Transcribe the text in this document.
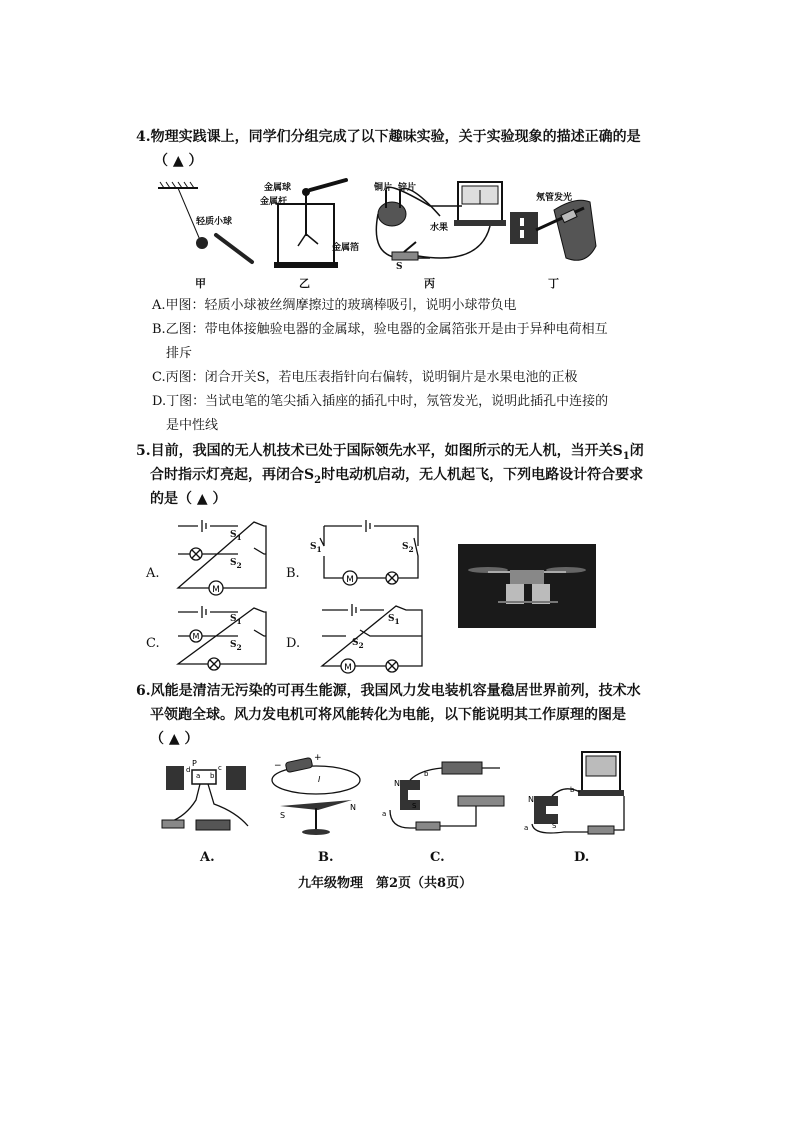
4.物理实践课上，同学们分组完成了以下趣味实验，关于实验现象的描述正确的是
（ ▲ ）
轻质小球
甲
金属球
金属杆
金属箔
乙
铜片 锌片
水果
S
丙
氖管发光
丁
A.甲图：轻质小球被丝绸摩擦过的玻璃棒吸引，说明小球带负电
B.乙图：带电体接触验电器的金属球，验电器的金属箔张开是由于异种电荷相互
排斥
C.丙图：闭合开关S，若电压表指针向右偏转，说明铜片是水果电池的正极
D.丁图：当试电笔的笔尖插入插座的插孔中时，氖管发光，说明此插孔中连接的
是中性线
5.目前，我国的无人机技术已处于国际领先水平，如图所示的无人机，当开关$S_1$闭
合时指示灯亮起，再闭合$S_2$时电动机启动，无人机起飞，下列电路设计符合要求
的是（ ▲ ）
A.
M
$S_1$
$S_2$
B.	M
$S_1$	$S_2$
C.	M
$S_1$
$S_2$	D.
M
$S_1$
$S_2$
6.风能是清洁无污染的可再生能源，我国风力发电装机容量稳居世界前列，技术水
平领跑全球。风力发电机可将风能转化为电能，以下能说明其工作原理的图是
（ ▲ ）
P
a b
c
d
A.
−
+
I
S
N
B.
N
b
a
S
C.
N
b
a	S
D.
九年级物理　第2页（共8页）
